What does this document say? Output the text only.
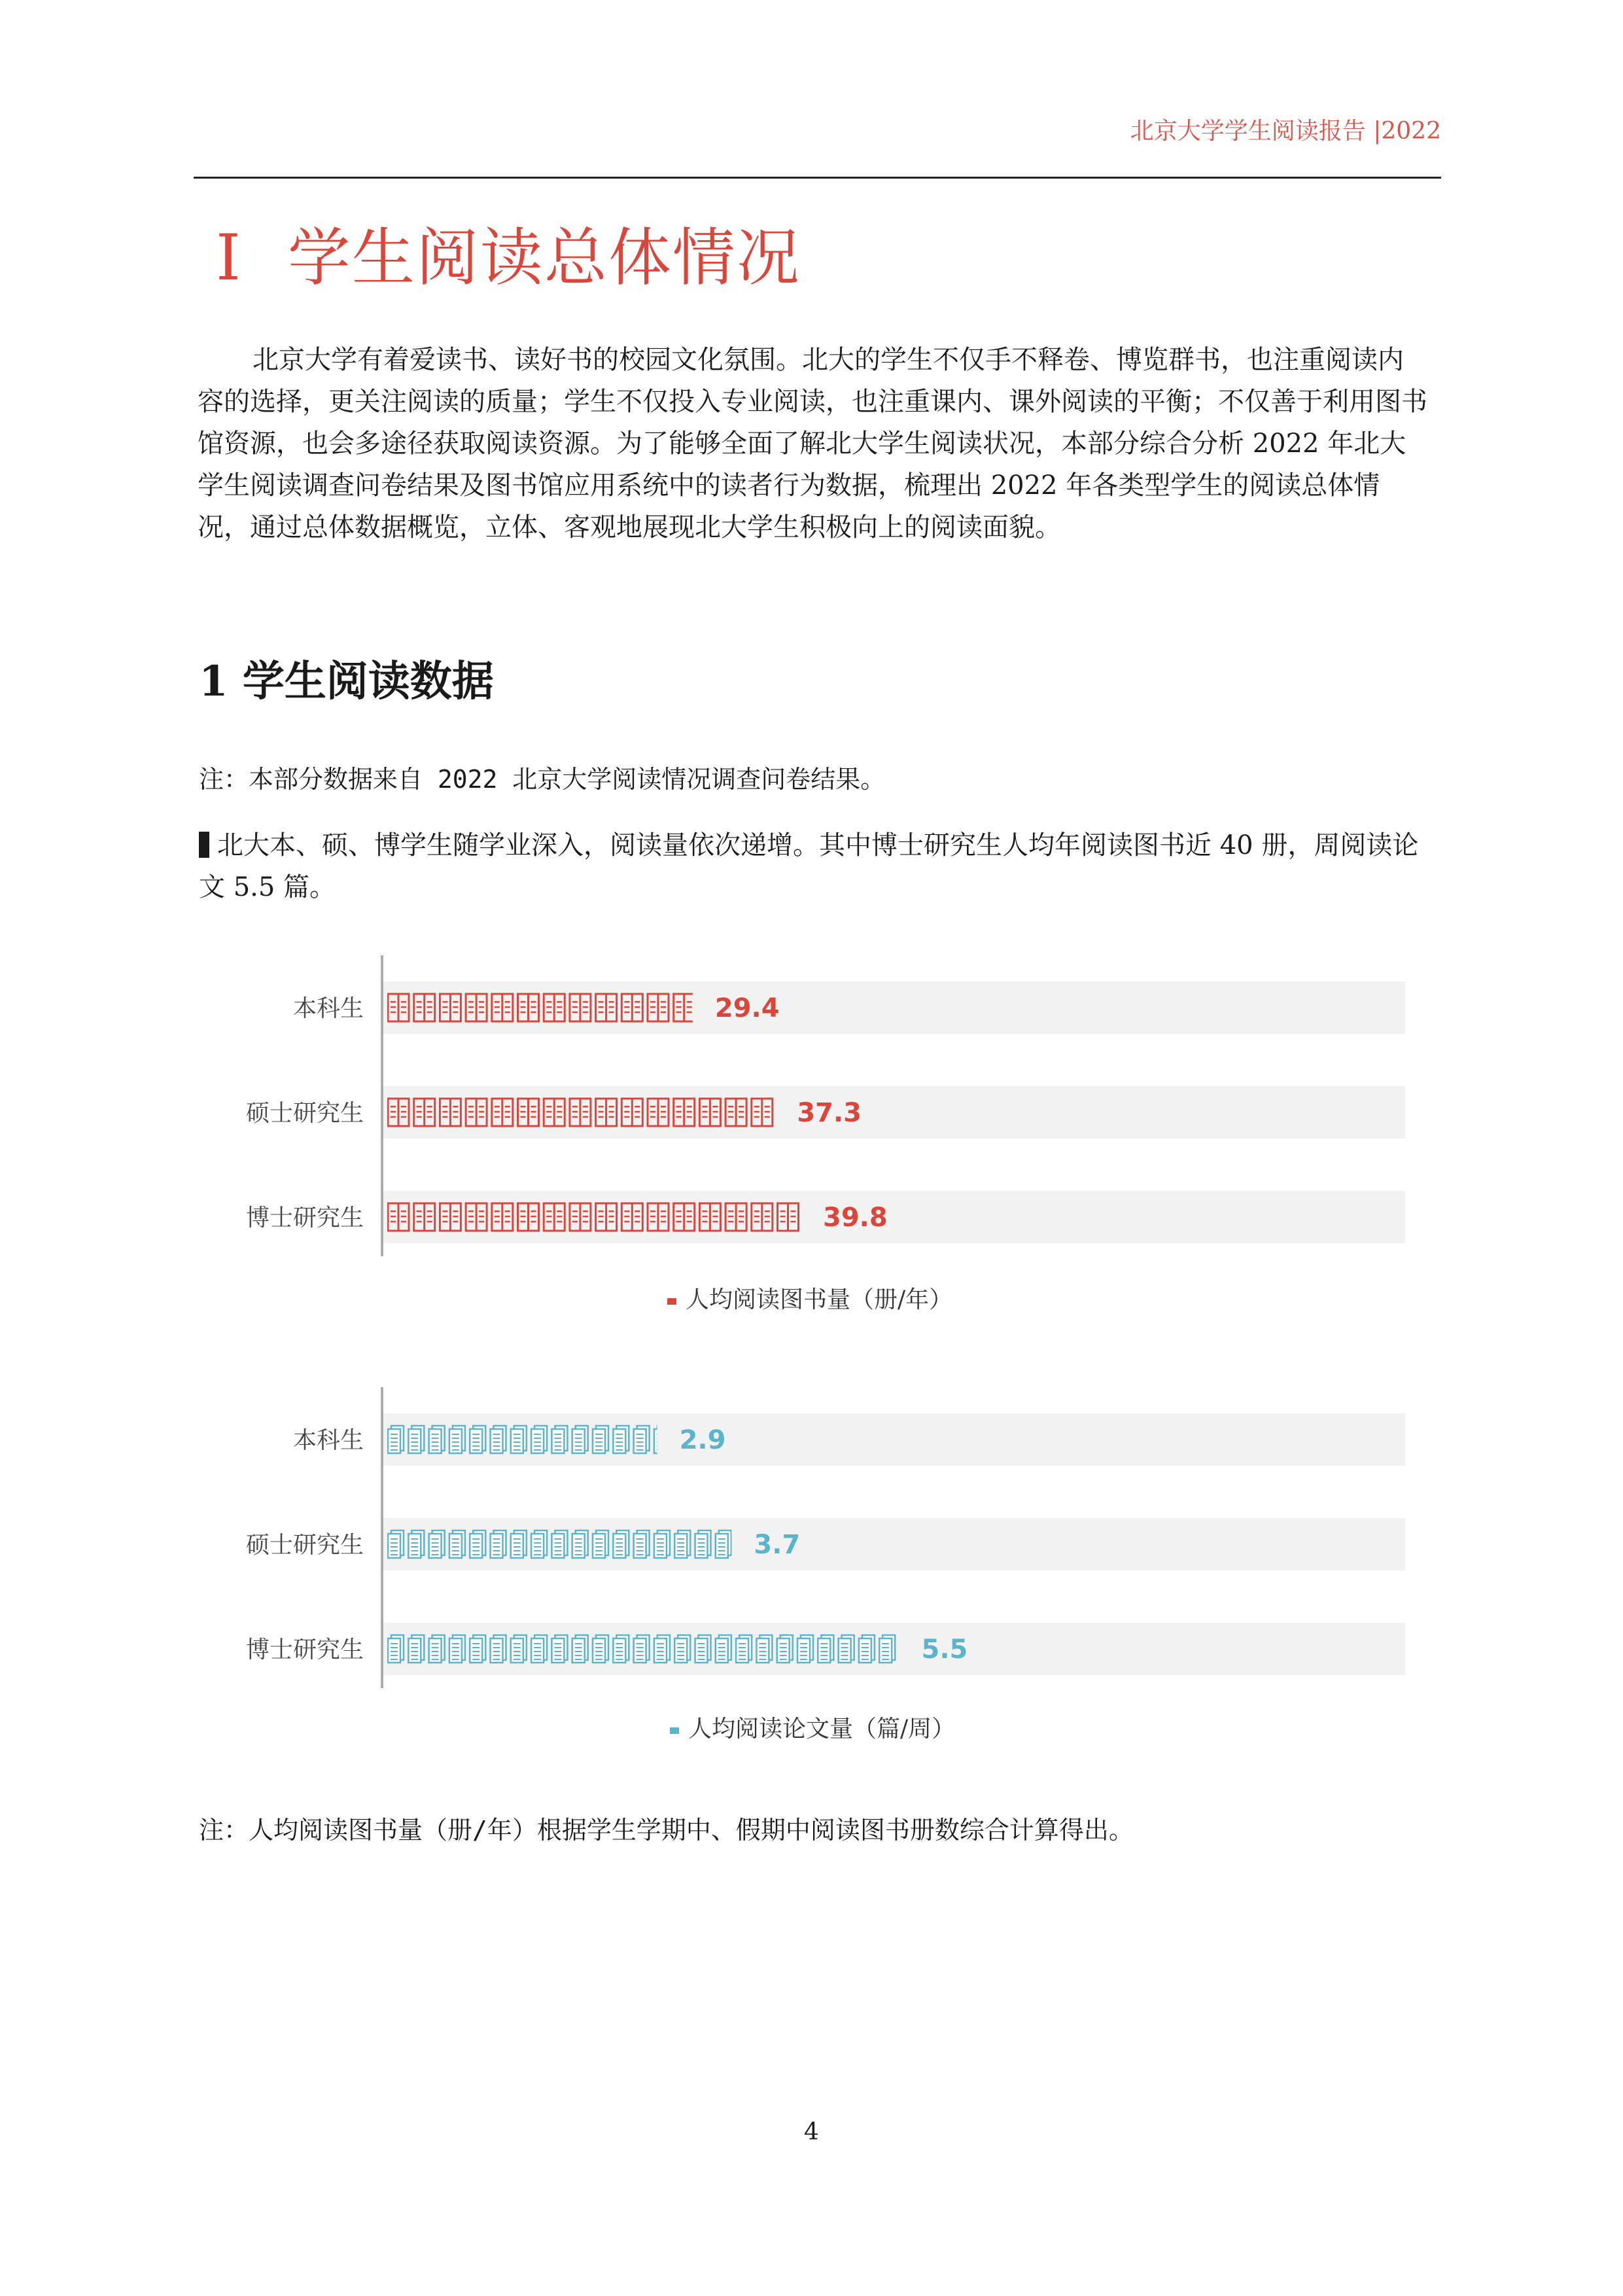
北京大学学生阅读报告 |2022
I 学生阅读总体情况

北京大学有着爱读书、读好书的校园文化氛围。北大的学生不仅手不释卷、博览群书，也注重阅读内容的选择，更关注阅读的质量；学生不仅投入专业阅读，也注重课内、课外阅读的平衡；不仅善于利用图书馆资源，也会多途径获取阅读资源。为了能够全面了解北大学生阅读状况，本部分综合分析 2022 年北大学生阅读调查问卷结果及图书馆应用系统中的读者行为数据，梳理出 2022 年各类型学生的阅读总体情况，通过总体数据概览，立体、客观地展现北大学生积极向上的阅读面貌。

1 学生阅读数据
注：本部分数据来自 2022 北京大学阅读情况调查问卷结果。

北大本、硕、博学生随学业深入，阅读量依次递增。其中博士研究生人均年阅读图书近 40 册，周阅读论文 5.5 篇。

本科生	29.4
硕士研究生	37.3
博士研究生	39.8
人均阅读图书量（册/年）
本科生	2.9
硕士研究生	3.7
博士研究生	5.5
人均阅读论文量（篇/周）
注：人均阅读图书量（册/年）根据学生学期中、假期中阅读图书册数综合计算得出。
4
